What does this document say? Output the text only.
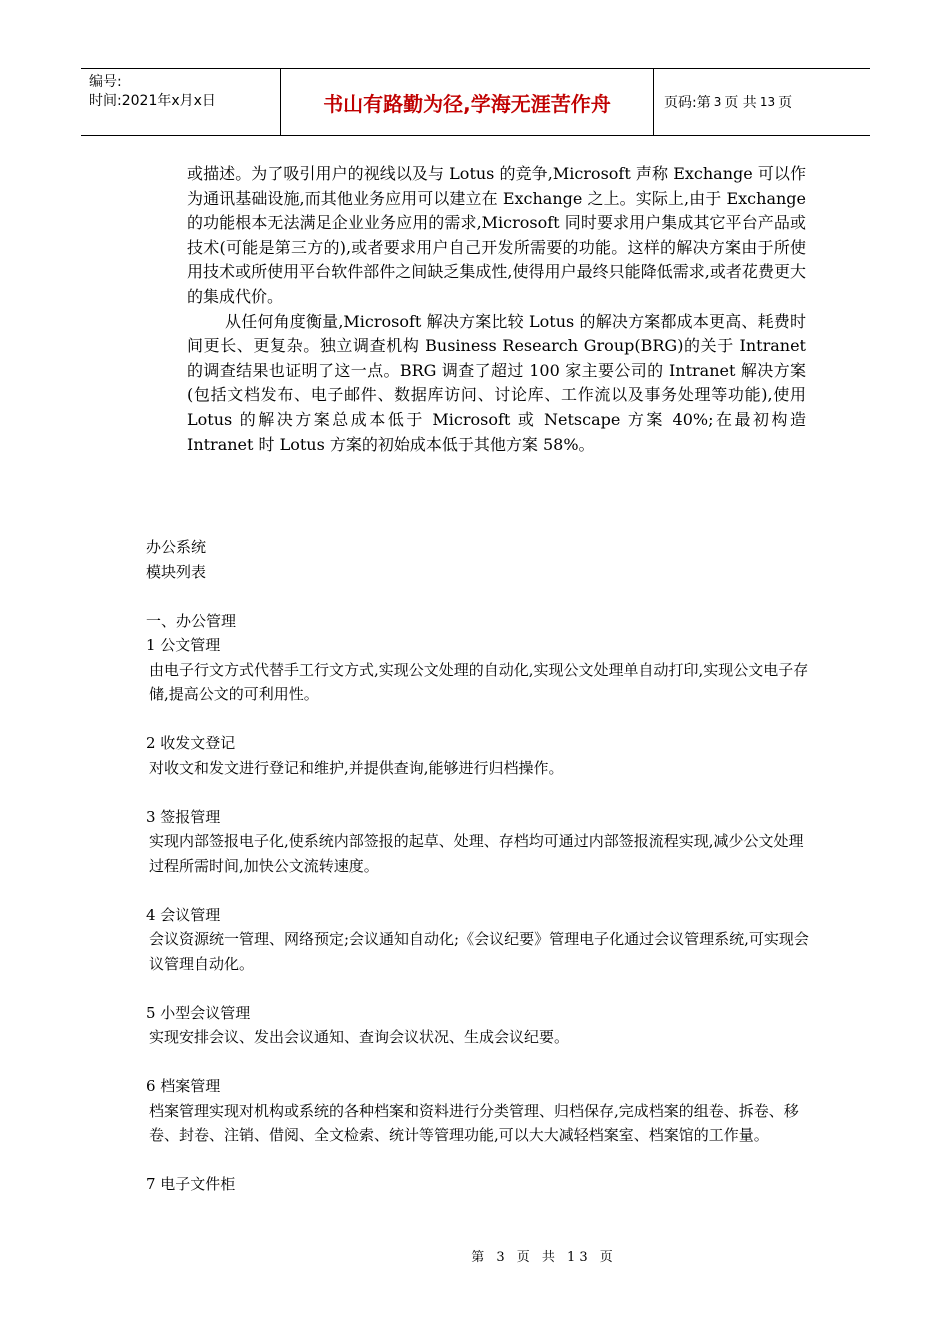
编号:
时间:2021年x月x日	书山有路勤为径,学海无涯苦作舟	页码:第 3 页 共 13 页

或描述。为了吸引用户的视线以及与 Lotus 的竞争,Microsoft 声称 Exchange 可以作为通讯基础设施,而其他业务应用可以建立在 Exchange 之上。实际上,由于 Exchange 的功能根本无法满足企业业务应用的需求,Microsoft 同时要求用户集成其它平台产品或技术(可能是第三方的),或者要求用户自己开发所需要的功能。这样的解决方案由于所使用技术或所使用平台软件部件之间缺乏集成性,使得用户最终只能降低需求,或者花费更大的集成代价。

从任何角度衡量,Microsoft 解决方案比较 Lotus 的解决方案都成本更高、耗费时间更长、更复杂。独立调查机构 Business Research Group(BRG)的关于 Intranet 的调查结果也证明了这一点。BRG 调查了超过 100 家主要公司的 Intranet 解决方案(包括文档发布、电子邮件、数据库访问、讨论库、工作流以及事务处理等功能),使用 Lotus 的解决方案总成本低于 Microsoft 或 Netscape 方案 40%;在最初构造 Intranet 时 Lotus 方案的初始成本低于其他方案 58%。

办公系统

模块列表

一、办公管理

1 公文管理

由电子行文方式代替手工行文方式,实现公文处理的自动化,实现公文处理单自动打印,实现公文电子存储,提高公文的可利用性。

2 收发文登记

对收文和发文进行登记和维护,并提供查询,能够进行归档操作。

3 签报管理

实现内部签报电子化,使系统内部签报的起草、处理、存档均可通过内部签报流程实现,减少公文处理过程所需时间,加快公文流转速度。

4 会议管理

会议资源统一管理、网络预定;会议通知自动化;《会议纪要》管理电子化通过会议管理系统,可实现会议管理自动化。

5 小型会议管理

实现安排会议、发出会议通知、查询会议状况、生成会议纪要。

6 档案管理

档案管理实现对机构或系统的各种档案和资料进行分类管理、归档保存,完成档案的组卷、拆卷、移卷、封卷、注销、借阅、全文检索、统计等管理功能,可以大大减轻档案室、档案馆的工作量。

7 电子文件柜

第 3 页 共 13 页
